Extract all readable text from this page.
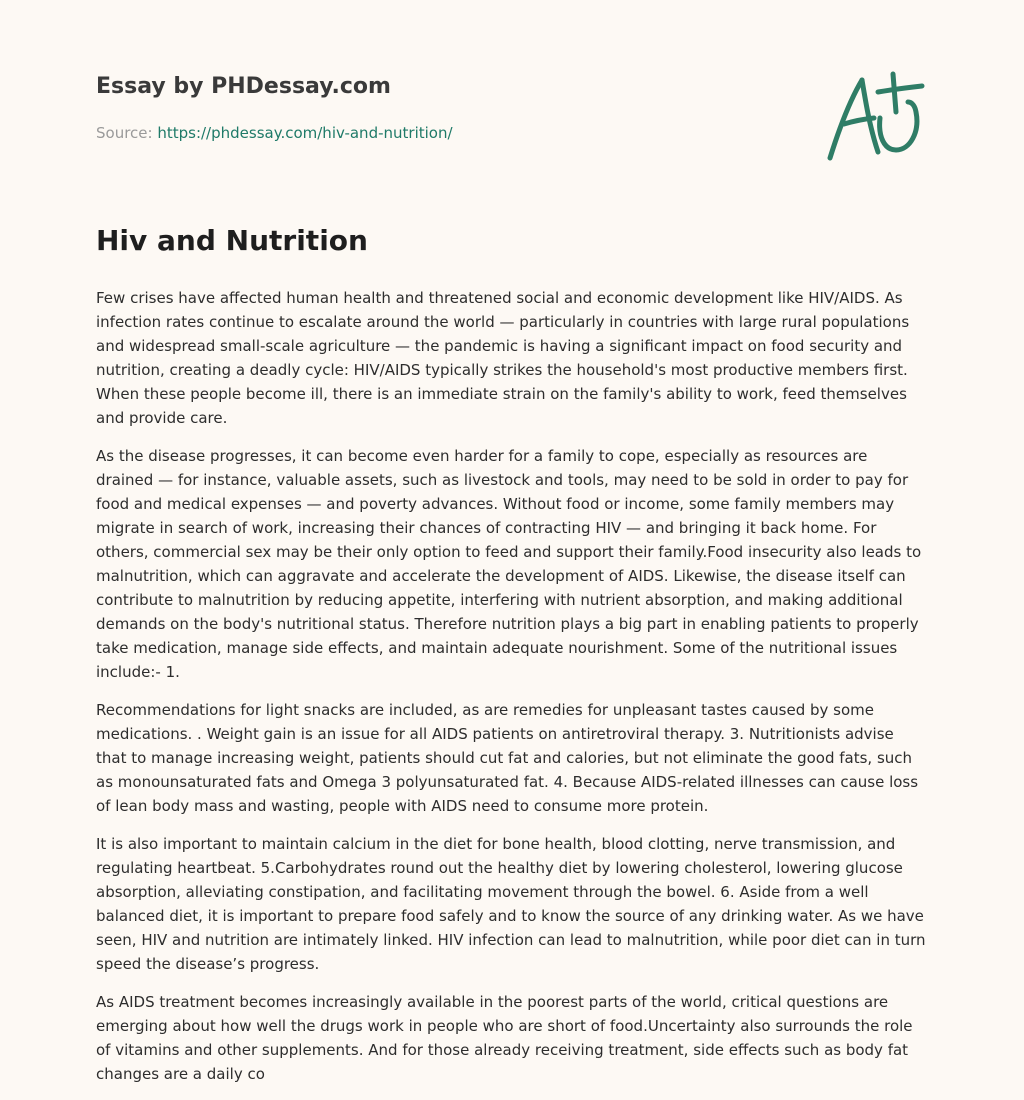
Essay by PHDessay.com

Source: https://phdessay.com/hiv-and-nutrition/

Hiv and Nutrition

Few crises have affected human health and threatened social and economic development like HIV/AIDS. As infection rates continue to escalate around the world — particularly in countries with large rural populations and widespread small-scale agriculture — the pandemic is having a significant impact on food security and nutrition, creating a deadly cycle: HIV/AIDS typically strikes the household's most productive members first. When these people become ill, there is an immediate strain on the family's ability to work, feed themselves and provide care.

As the disease progresses, it can become even harder for a family to cope, especially as resources are drained — for instance, valuable assets, such as livestock and tools, may need to be sold in order to pay for food and medical expenses — and poverty advances. Without food or income, some family members may migrate in search of work, increasing their chances of contracting HIV — and bringing it back home. For others, commercial sex may be their only option to feed and support their family.Food insecurity also leads to malnutrition, which can aggravate and accelerate the development of AIDS. Likewise, the disease itself can contribute to malnutrition by reducing appetite, interfering with nutrient absorption, and making additional demands on the body's nutritional status. Therefore nutrition plays a big part in enabling patients to properly take medication, manage side effects, and maintain adequate nourishment. Some of the nutritional issues include:- 1.

Recommendations for light snacks are included, as are remedies for unpleasant tastes caused by some medications. . Weight gain is an issue for all AIDS patients on antiretroviral therapy. 3. Nutritionists advise that to manage increasing weight, patients should cut fat and calories, but not eliminate the good fats, such as monounsaturated fats and Omega 3 polyunsaturated fat. 4. Because AIDS-related illnesses can cause loss of lean body mass and wasting, people with AIDS need to consume more protein.

It is also important to maintain calcium in the diet for bone health, blood clotting, nerve transmission, and regulating heartbeat. 5.Carbohydrates round out the healthy diet by lowering cholesterol, lowering glucose absorption, alleviating constipation, and facilitating movement through the bowel. 6. Aside from a well balanced diet, it is important to prepare food safely and to know the source of any drinking water. As we have seen, HIV and nutrition are intimately linked. HIV infection can lead to malnutrition, while poor diet can in turn speed the disease’s progress.

As AIDS treatment becomes increasingly available in the poorest parts of the world, critical questions are emerging about how well the drugs work in people who are short of food.Uncertainty also surrounds the role of vitamins and other supplements. And for those already receiving treatment, side effects such as body fat changes are a daily co
